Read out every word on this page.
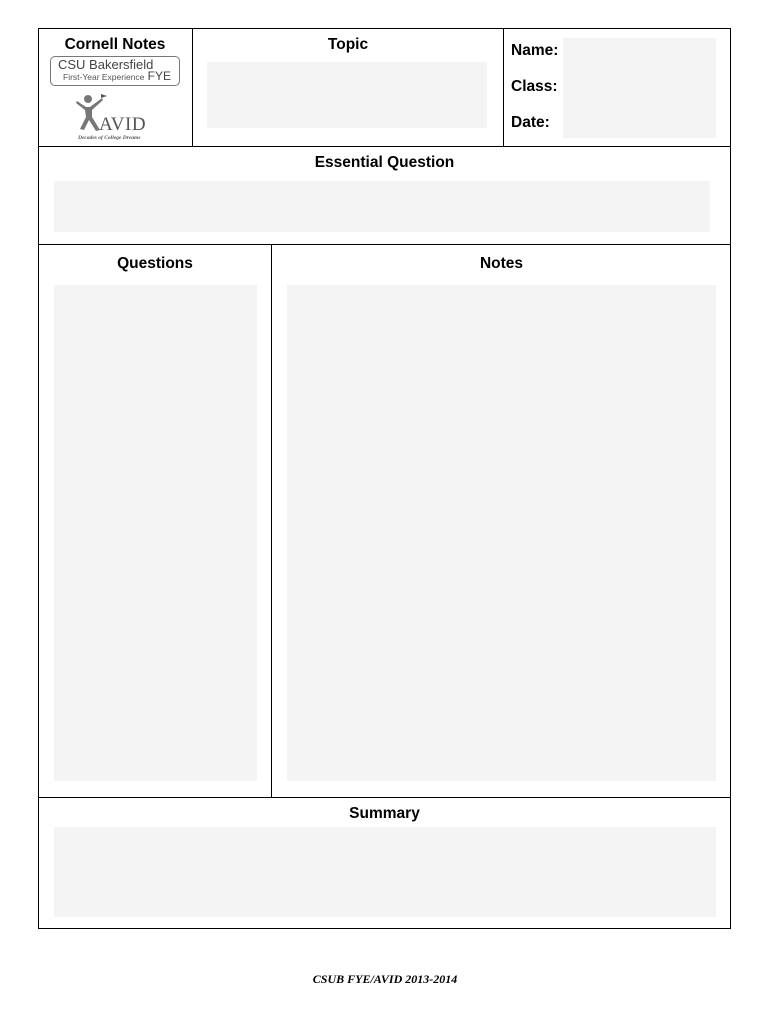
Cornell Notes
CSU Bakersfield
First-Year Experience FYE
AVID
Decades of College Dreams
Topic	Name:
Class:
Date:
Essential Question
Questions	Notes
Summary
CSUB FYE/AVID 2013-2014
